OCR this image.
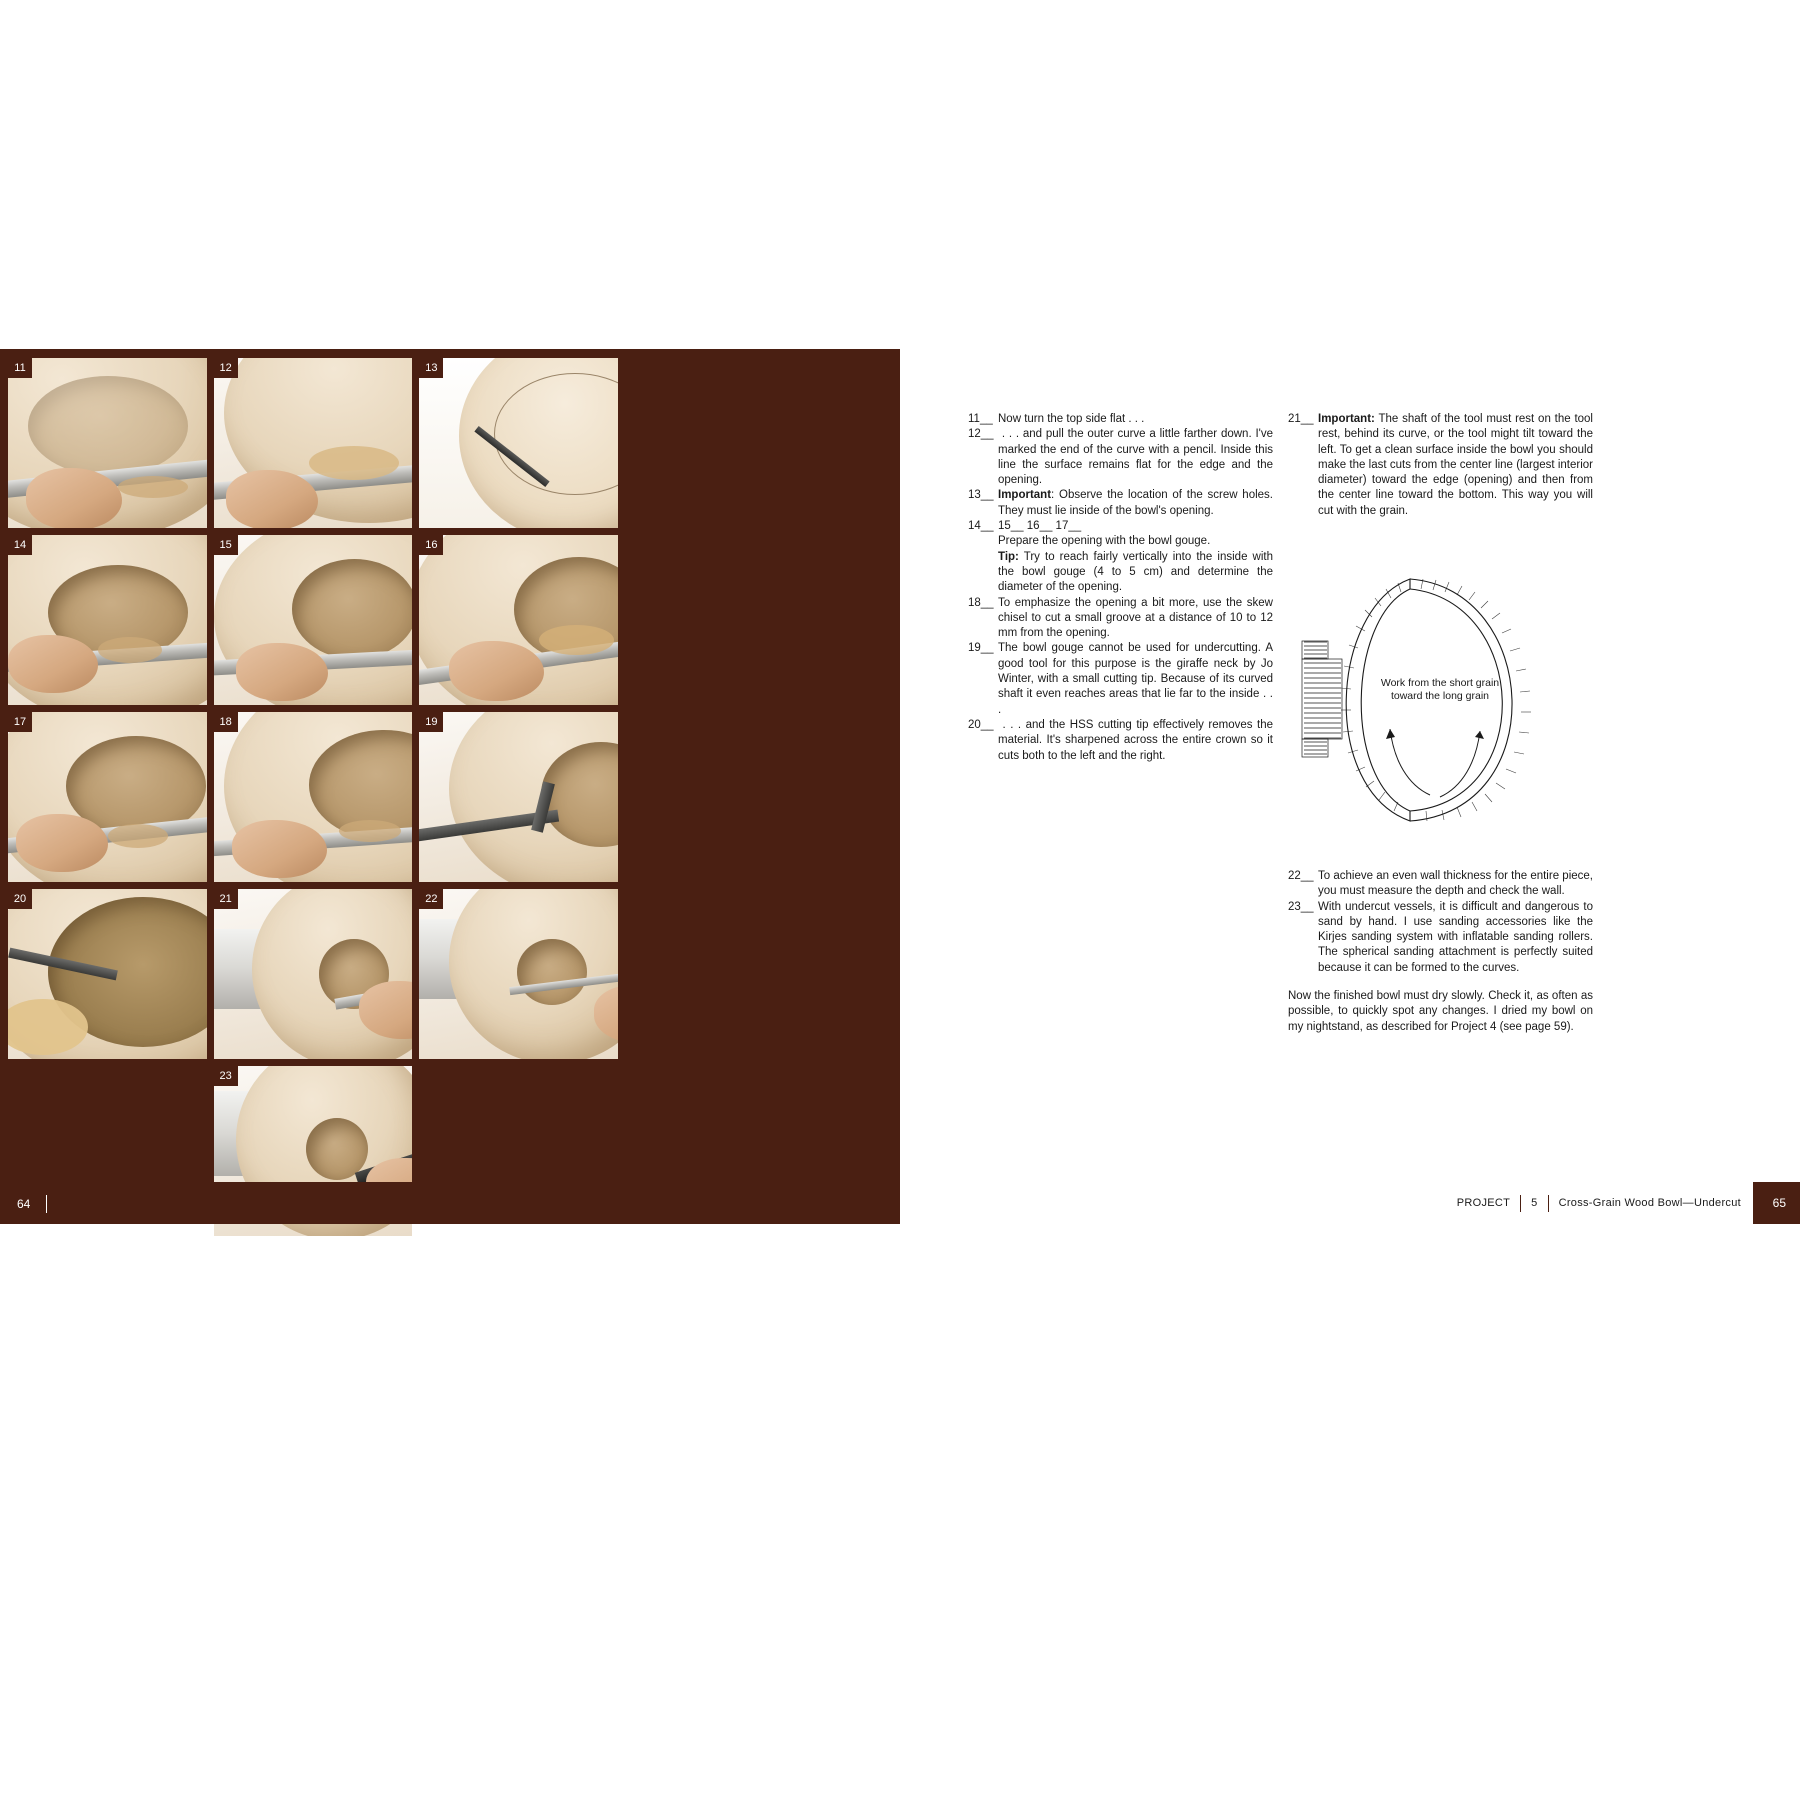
11	12	13
14	15	16
17	18	19
20	21	22
23
64
11__ Now turn the top side flat . . .
12__ . . . and pull the outer curve a little farther down. I've marked the end of the curve with a pencil. Inside this line the surface remains flat for the edge and the opening.
13__ Important: Observe the location of the screw holes. They must lie inside of the bowl's opening.
14__ 15__ 16__ 17__
Prepare the opening with the bowl gouge.
Tip: Try to reach fairly vertically into the inside with the bowl gouge (4 to 5 cm) and determine the diameter of the opening.
18__ To emphasize the opening a bit more, use the skew chisel to cut a small groove at a distance of 10 to 12 mm from the opening.
19__ The bowl gouge cannot be used for undercutting. A good tool for this purpose is the giraffe neck by Jo Winter, with a small cutting tip. Because of its curved shaft it even reaches areas that lie far to the inside . . .
20__ . . . and the HSS cutting tip effectively removes the material. It's sharpened across the entire crown so it cuts both to the left and the right.
21__ Important: The shaft of the tool must rest on the tool rest, behind its curve, or the tool might tilt toward the left. To get a clean surface inside the bowl you should make the last cuts from the center line (largest interior diameter) toward the edge (opening) and then from the center line toward the bottom. This way you will cut with the grain.
Work from the short grain
toward the long grain
22__ To achieve an even wall thickness for the entire piece, you must measure the depth and check the wall.
23__ With undercut vessels, it is difficult and dangerous to sand by hand. I use sanding accessories like the Kirjes sanding system with inflatable sanding rollers. The spherical sanding attachment is perfectly suited because it can be formed to the curves.
Now the finished bowl must dry slowly. Check it, as often as possible, to quickly spot any changes. I dried my bowl on my nightstand, as described for Project 4 (see page 59).
PROJECT 5 Cross-Grain Wood Bowl—Undercut	65
